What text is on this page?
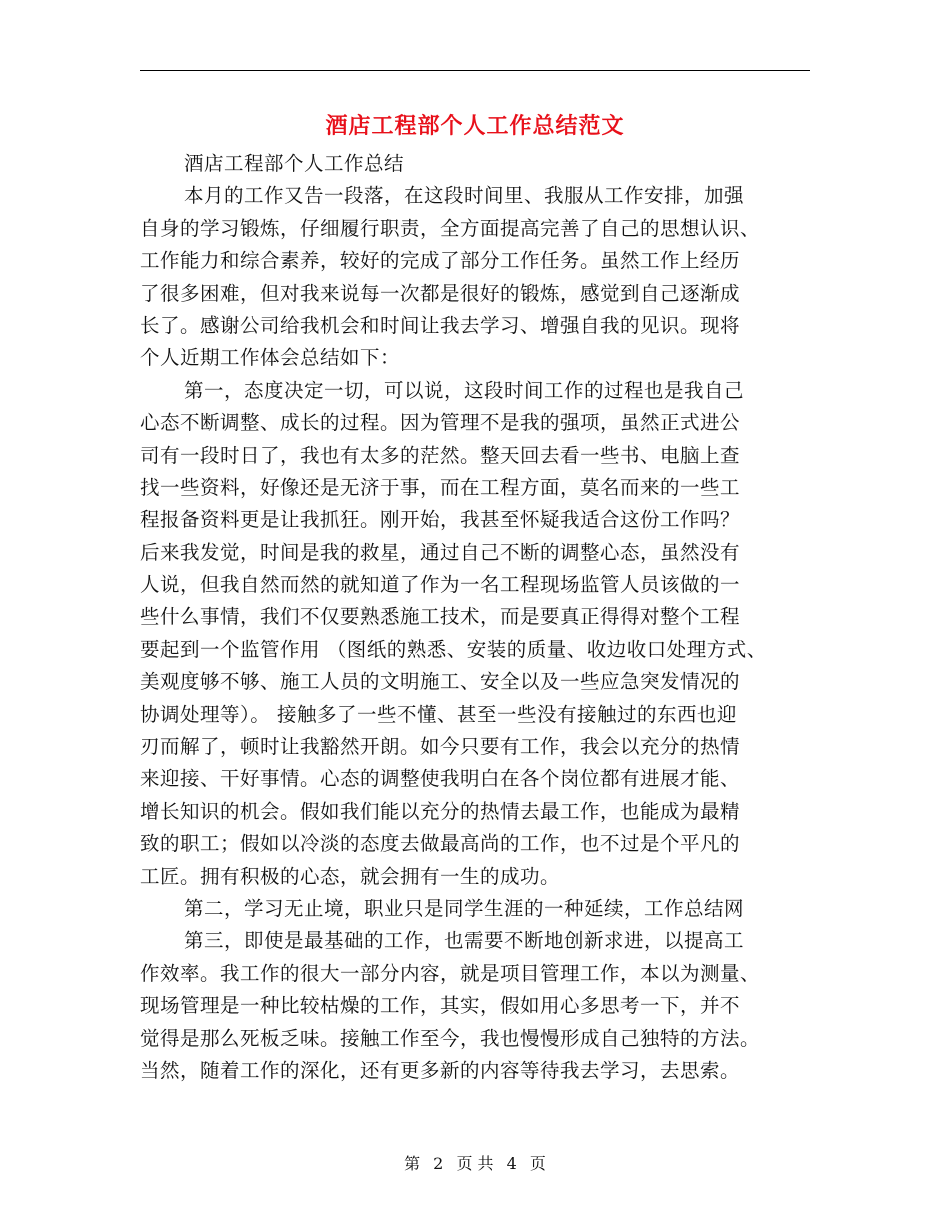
酒店工程部个人工作总结范文
酒店工程部个人工作总结
本月的工作又告一段落，在这段时间里、我服从工作安排，加强
自身的学习锻炼，仔细履行职责，全方面提高完善了自己的思想认识、
工作能力和综合素养，较好的完成了部分工作任务。虽然工作上经历
了很多困难，但对我来说每一次都是很好的锻炼，感觉到自己逐渐成
长了。感谢公司给我机会和时间让我去学习、增强自我的见识。现将
个人近期工作体会总结如下：
第一，态度决定一切，可以说，这段时间工作的过程也是我自己
心态不断调整、成长的过程。因为管理不是我的强项，虽然正式进公
司有一段时日了，我也有太多的茫然。整天回去看一些书、电脑上查
找一些资料，好像还是无济于事，而在工程方面，莫名而来的一些工
程报备资料更是让我抓狂。刚开始，我甚至怀疑我适合这份工作吗？
后来我发觉，时间是我的救星，通过自己不断的调整心态，虽然没有
人说，但我自然而然的就知道了作为一名工程现场监管人员该做的一
些什么事情，我们不仅要熟悉施工技术，而是要真正得得对整个工程
要起到一个监管作用 （图纸的熟悉、安装的质量、收边收口处理方式、
美观度够不够、施工人员的文明施工、安全以及一些应急突发情况的
协调处理等）。 接触多了一些不懂、甚至一些没有接触过的东西也迎
刃而解了，顿时让我豁然开朗。如今只要有工作，我会以充分的热情
来迎接、干好事情。心态的调整使我明白在各个岗位都有进展才能、
增长知识的机会。假如我们能以充分的热情去最工作，也能成为最精
致的职工；假如以冷淡的态度去做最高尚的工作，也不过是个平凡的
工匠。拥有积极的心态，就会拥有一生的成功。
第二，学习无止境，职业只是同学生涯的一种延续，工作总结网
第三，即使是最基础的工作，也需要不断地创新求进，以提高工
作效率。我工作的很大一部分内容，就是项目管理工作，本以为测量、
现场管理是一种比较枯燥的工作，其实，假如用心多思考一下，并不
觉得是那么死板乏味。接触工作至今，我也慢慢形成自己独特的方法。
当然，随着工作的深化，还有更多新的内容等待我去学习，去思索。
第 2 页 共 4 页
